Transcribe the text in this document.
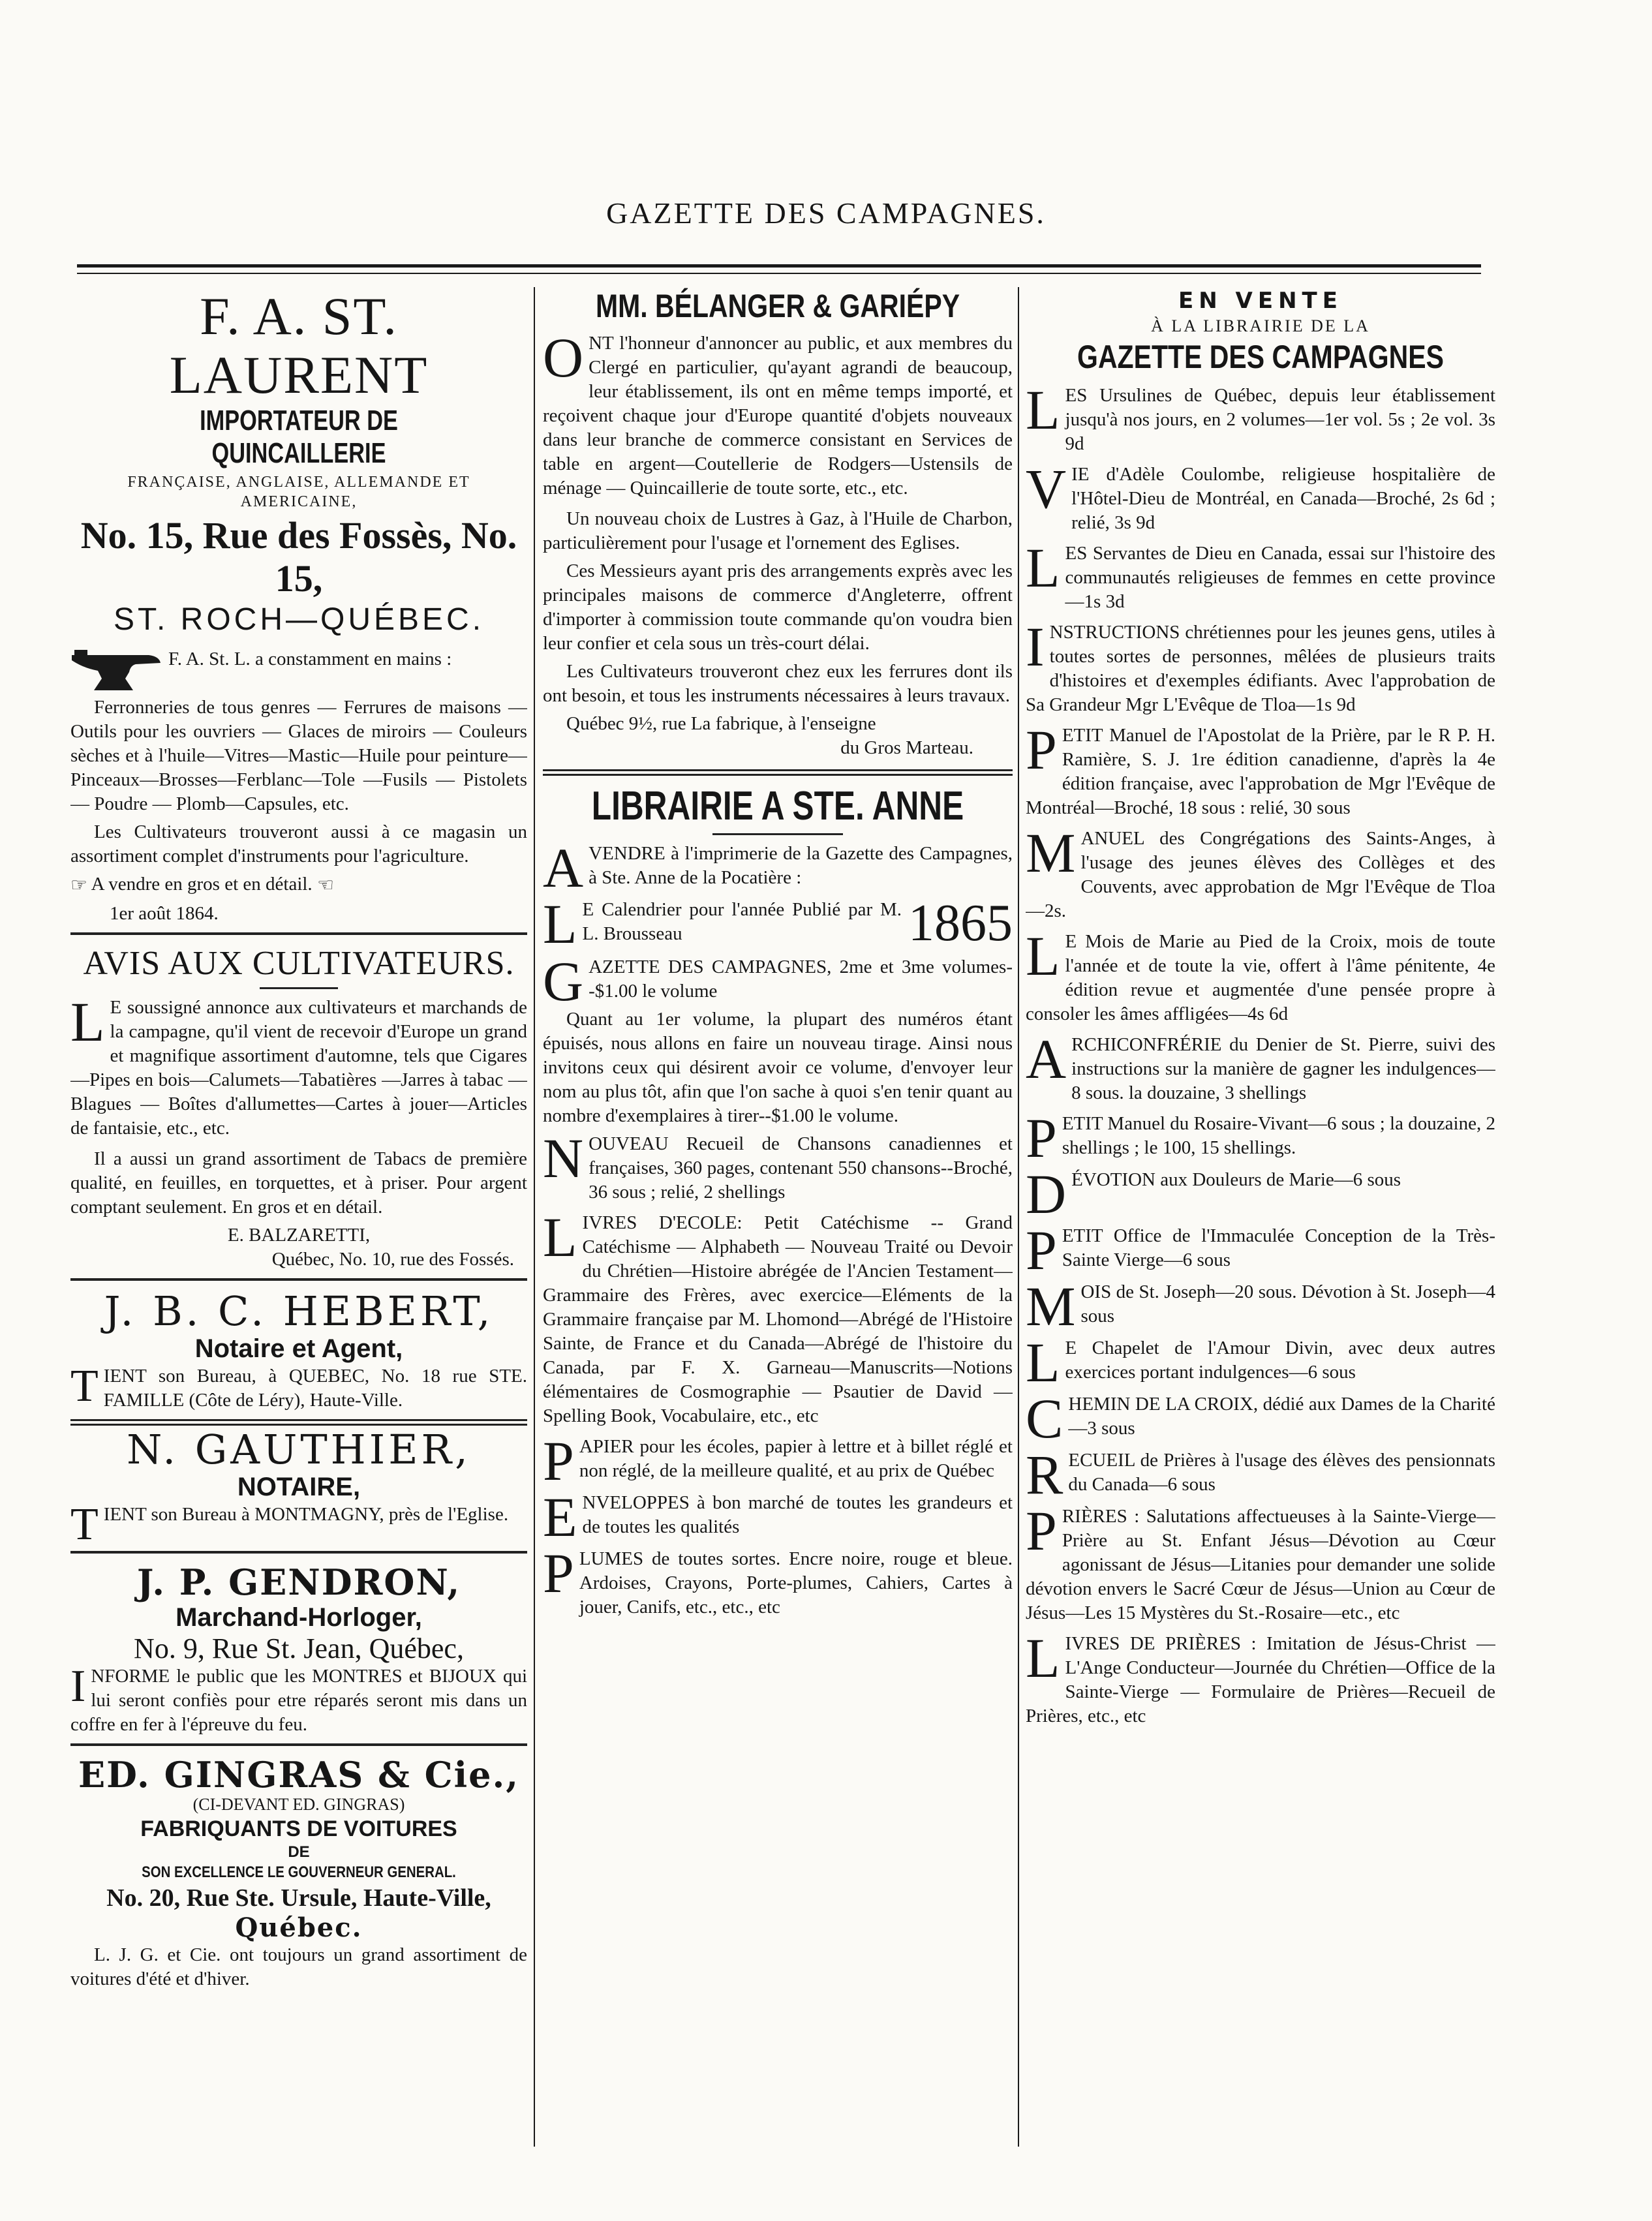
GAZETTE DES CAMPAGNES.
F. A. ST. LAURENT
IMPORTATEUR DE QUINCAILLERIE
FRANÇAISE, ANGLAISE, ALLEMANDE ET AMERICAINE,
No. 15, Rue des Fossès, No. 15,
ST. ROCH—QUÉBEC.
F. A. St. L. a constamment en mains :
Ferronneries de tous genres — Ferrures de maisons — Outils pour les ouvriers — Glaces de miroirs — Couleurs sèches et à l'huile—Vitres—Mastic—Huile pour peinture—Pinceaux—Brosses—Ferblanc—Tole —Fusils — Pistolets — Poudre — Plomb—Capsules, etc.
Les Cultivateurs trouveront aussi à ce magasin un assortiment complet d'instruments pour l'agriculture.
☞ A vendre en gros et en détail. ☜
1er août 1864.
AVIS AUX CULTIVATEURS.
L E soussigné annonce aux cultivateurs et marchands de la campagne, qu'il vient de recevoir d'Europe un grand et magnifique assortiment d'automne, tels que Cigares—Pipes en bois—Calumets—Tabatières —Jarres à tabac — Blagues — Boîtes d'allumettes—Cartes à jouer—Articles de fantaisie, etc., etc.
Il a aussi un grand assortiment de Tabacs de première qualité, en feuilles, en torquettes, et à priser. Pour argent comptant seulement. En gros et en détail.
E. BALZARETTI,
Québec, No. 10, rue des Fossés.
J. B. C. HEBERT,
Notaire et Agent,
T IENT son Bureau, à QUEBEC, No. 18 rue STE. FAMILLE (Côte de Léry), Haute-Ville.
N. GAUTHIER,
NOTAIRE,
T IENT son Bureau à MONTMAGNY, près de l'Eglise.
J. P. GENDRON,
Marchand-Horloger,
No. 9, Rue St. Jean, Québec,
I NFORME le public que les MONTRES et BIJOUX qui lui seront confiès pour etre réparés seront mis dans un coffre en fer à l'épreuve du feu.
ED. GINGRAS & Cie.,
(CI-DEVANT ED. GINGRAS)
FABRIQUANTS DE VOITURES
DE
SON EXCELLENCE LE GOUVERNEUR GENERAL.
No. 20, Rue Ste. Ursule, Haute-Ville,
Québec.
L. J. G. et Cie. ont toujours un grand assortiment de voitures d'été et d'hiver.
MM. BÉLANGER & GARIÉPY
O NT l'honneur d'annoncer au public, et aux membres du Clergé en particulier, qu'ayant agrandi de beaucoup, leur établissement, ils ont en même temps importé, et reçoivent chaque jour d'Europe quantité d'objets nouveaux dans leur branche de commerce consistant en Services de table en argent—Coutellerie de Rodgers—Ustensils de ménage — Quincaillerie de toute sorte, etc., etc.
Un nouveau choix de Lustres à Gaz, à l'Huile de Charbon, particulièrement pour l'usage et l'ornement des Eglises.
Ces Messieurs ayant pris des arrangements exprès avec les principales maisons de commerce d'Angleterre, offrent d'importer à commission toute commande qu'on voudra bien leur confier et cela sous un très-court délai.
Les Cultivateurs trouveront chez eux les ferrures dont ils ont besoin, et tous les instruments nécessaires à leurs travaux.
Québec 9½, rue La fabrique, à l'enseigne
du Gros Marteau.
LIBRAIRIE A STE. ANNE
A VENDRE à l'imprimerie de la Gazette des Campagnes, à Ste. Anne de la Pocatière :
L	1865
E Calendrier pour l'année Publié par M. L. Brousseau
G AZETTE DES CAMPAGNES, 2me et 3me volumes--$1.00 le volume
Quant au 1er volume, la plupart des numéros étant épuisés, nous allons en faire un nouveau tirage. Ainsi nous invitons ceux qui désirent avoir ce volume, d'envoyer leur nom au plus tôt, afin que l'on sache à quoi s'en tenir quant au nombre d'exemplaires à tirer--$1.00 le volume.
N OUVEAU Recueil de Chansons canadiennes et françaises, 360 pages, contenant 550 chansons--Broché, 36 sous ; relié, 2 shellings
L IVRES D'ECOLE: Petit Catéchisme -- Grand Catéchisme — Alphabeth — Nouveau Traité ou Devoir du Chrétien—Histoire abrégée de l'Ancien Testament—Grammaire des Frères, avec exercice—Eléments de la Grammaire française par M. Lhomond—Abrégé de l'Histoire Sainte, de France et du Canada—Abrégé de l'histoire du Canada, par F. X. Garneau—Manuscrits—Notions élémentaires de Cosmographie — Psautier de David — Spelling Book, Vocabulaire, etc., etc
P APIER pour les écoles, papier à lettre et à billet réglé et non réglé, de la meilleure qualité, et au prix de Québec
E NVELOPPES à bon marché de toutes les grandeurs et de toutes les qualités
P LUMES de toutes sortes. Encre noire, rouge et bleue. Ardoises, Crayons, Porte-plumes, Cahiers, Cartes à jouer, Canifs, etc., etc., etc
EN VENTE
À LA LIBRAIRIE DE LA
GAZETTE DES CAMPAGNES
LES Ursulines de Québec, depuis leur établissement jusqu'à nos jours, en 2 volumes—1er vol. 5s ; 2e vol. 3s 9d
VIE d'Adèle Coulombe, religieuse hospitalière de l'Hôtel-Dieu de Montréal, en Canada—Broché, 2s 6d ; relié, 3s 9d
LES Servantes de Dieu en Canada, essai sur l'histoire des communautés religieuses de femmes en cette province—1s 3d
INSTRUCTIONS chrétiennes pour les jeunes gens, utiles à toutes sortes de personnes, mêlées de plusieurs traits d'histoires et d'exemples édifiants. Avec l'approbation de Sa Grandeur Mgr L'Evêque de Tloa—1s 9d
PETIT Manuel de l'Apostolat de la Prière, par le R P. H. Ramière, S. J. 1re édition canadienne, d'après la 4e édition française, avec l'approbation de Mgr l'Evêque de Montréal—Broché, 18 sous : relié, 30 sous
MANUEL des Congrégations des Saints-Anges, à l'usage des jeunes élèves des Collèges et des Couvents, avec approbation de Mgr l'Evêque de Tloa—2s.
L E Mois de Marie au Pied de la Croix, mois de toute l'année et de toute la vie, offert à l'âme pénitente, 4e édition revue et augmentée d'une pensée propre à consoler les âmes affligées—4s 6d
ARCHICONFRÉRIE du Denier de St. Pierre, suivi des instructions sur la manière de gagner les indulgences—8 sous. la douzaine, 3 shellings
PETIT Manuel du Rosaire-Vivant—6 sous ; la douzaine, 2 shellings ; le 100, 15 shellings.
DÉVOTION aux Douleurs de Marie—6 sous
PETIT Office de l'Immaculée Conception de la Très-Sainte Vierge—6 sous
MOIS de St. Joseph—20 sous. Dévotion à St. Joseph—4 sous
L E Chapelet de l'Amour Divin, avec deux autres exercices portant indulgences—6 sous
CHEMIN DE LA CROIX, dédié aux Dames de la Charité—3 sous
RECUEIL de Prières à l'usage des élèves des pensionnats du Canada—6 sous
PRIÈRES : Salutations affectueuses à la Sainte-Vierge—Prière au St. Enfant Jésus—Dévotion au Cœur agonissant de Jésus—Litanies pour demander une solide dévotion envers le Sacré Cœur de Jésus—Union au Cœur de Jésus—Les 15 Mystères du St.-Rosaire—etc., etc
LIVRES DE PRIÈRES : Imitation de Jésus-Christ — L'Ange Conducteur—Journée du Chrétien—Office de la Sainte-Vierge — Formulaire de Prières—Recueil de Prières, etc., etc
